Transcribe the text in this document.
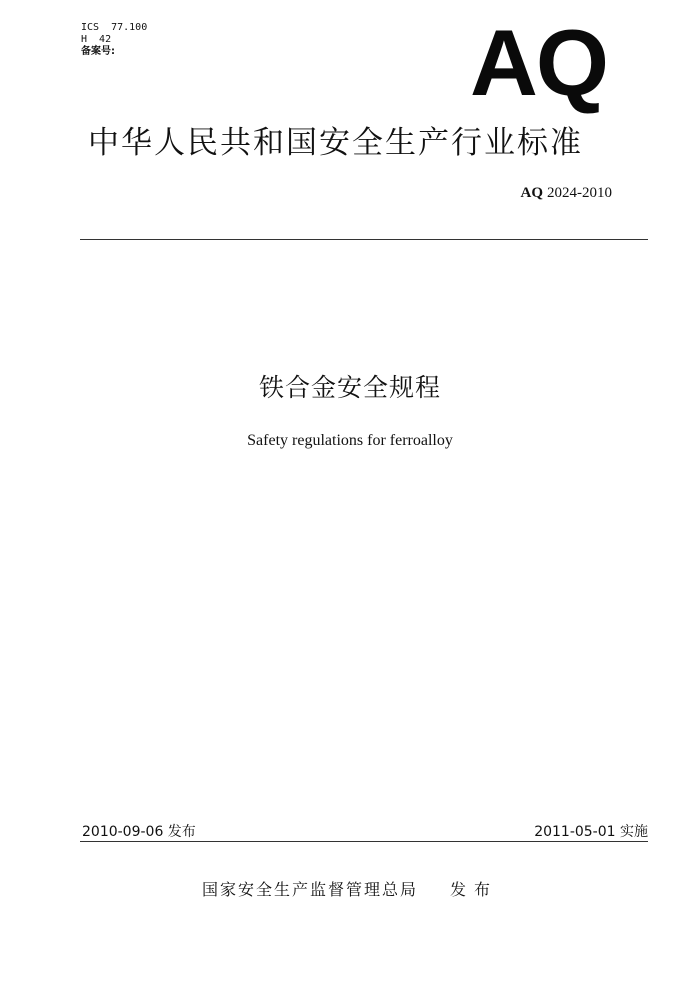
ICS  77.100
H  42
备案号:	AQ
中华人民共和国安全生产行业标准
AQ 2024-2010
铁合金安全规程
Safety regulations for ferroalloy
2010-09-06 发布	2011-05-01 实施
国家安全生产监督管理总局 发布
